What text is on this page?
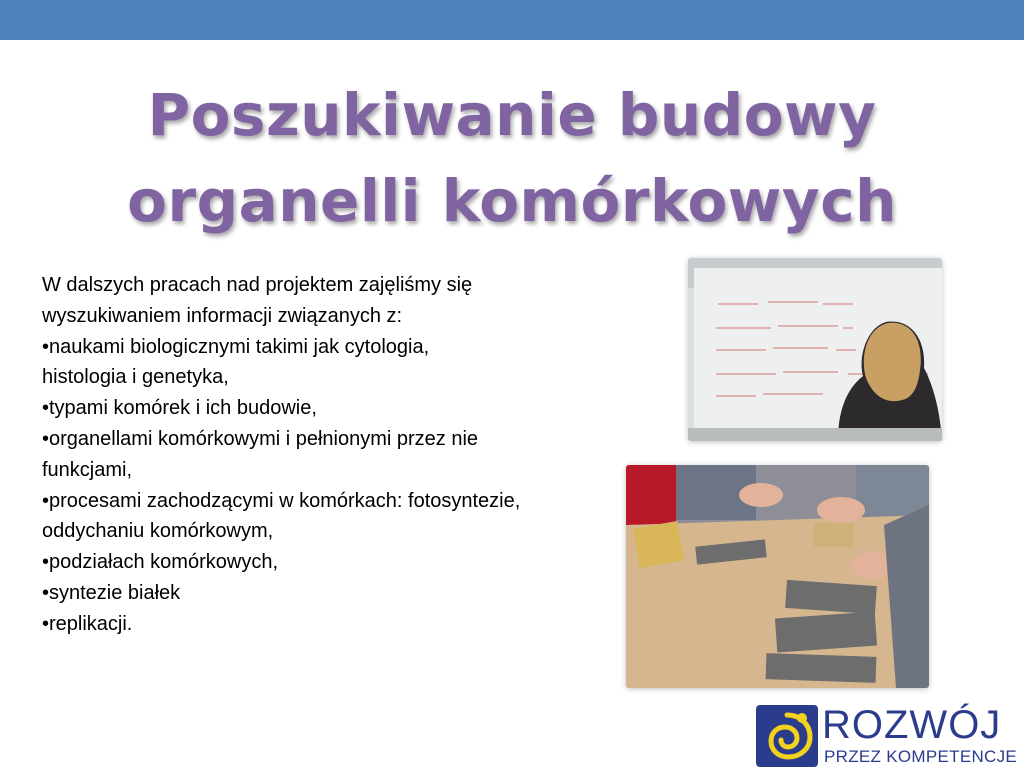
Poszukiwanie budowy
organelli komórkowych
W dalszych pracach nad projektem zajęliśmy się
wyszukiwaniem informacji związanych z:
•naukami biologicznymi takimi jak cytologia,
histologia i genetyka,
•typami komórek i ich budowie,
•organellami komórkowymi i pełnionymi przez nie
funkcjami,
•procesami zachodzącymi w komórkach: fotosyntezie,
oddychaniu komórkowym,
•podziałach komórkowych,
•syntezie białek
•replikacji.
ROZWÓJ
PRZEZ KOMPETENCJE
